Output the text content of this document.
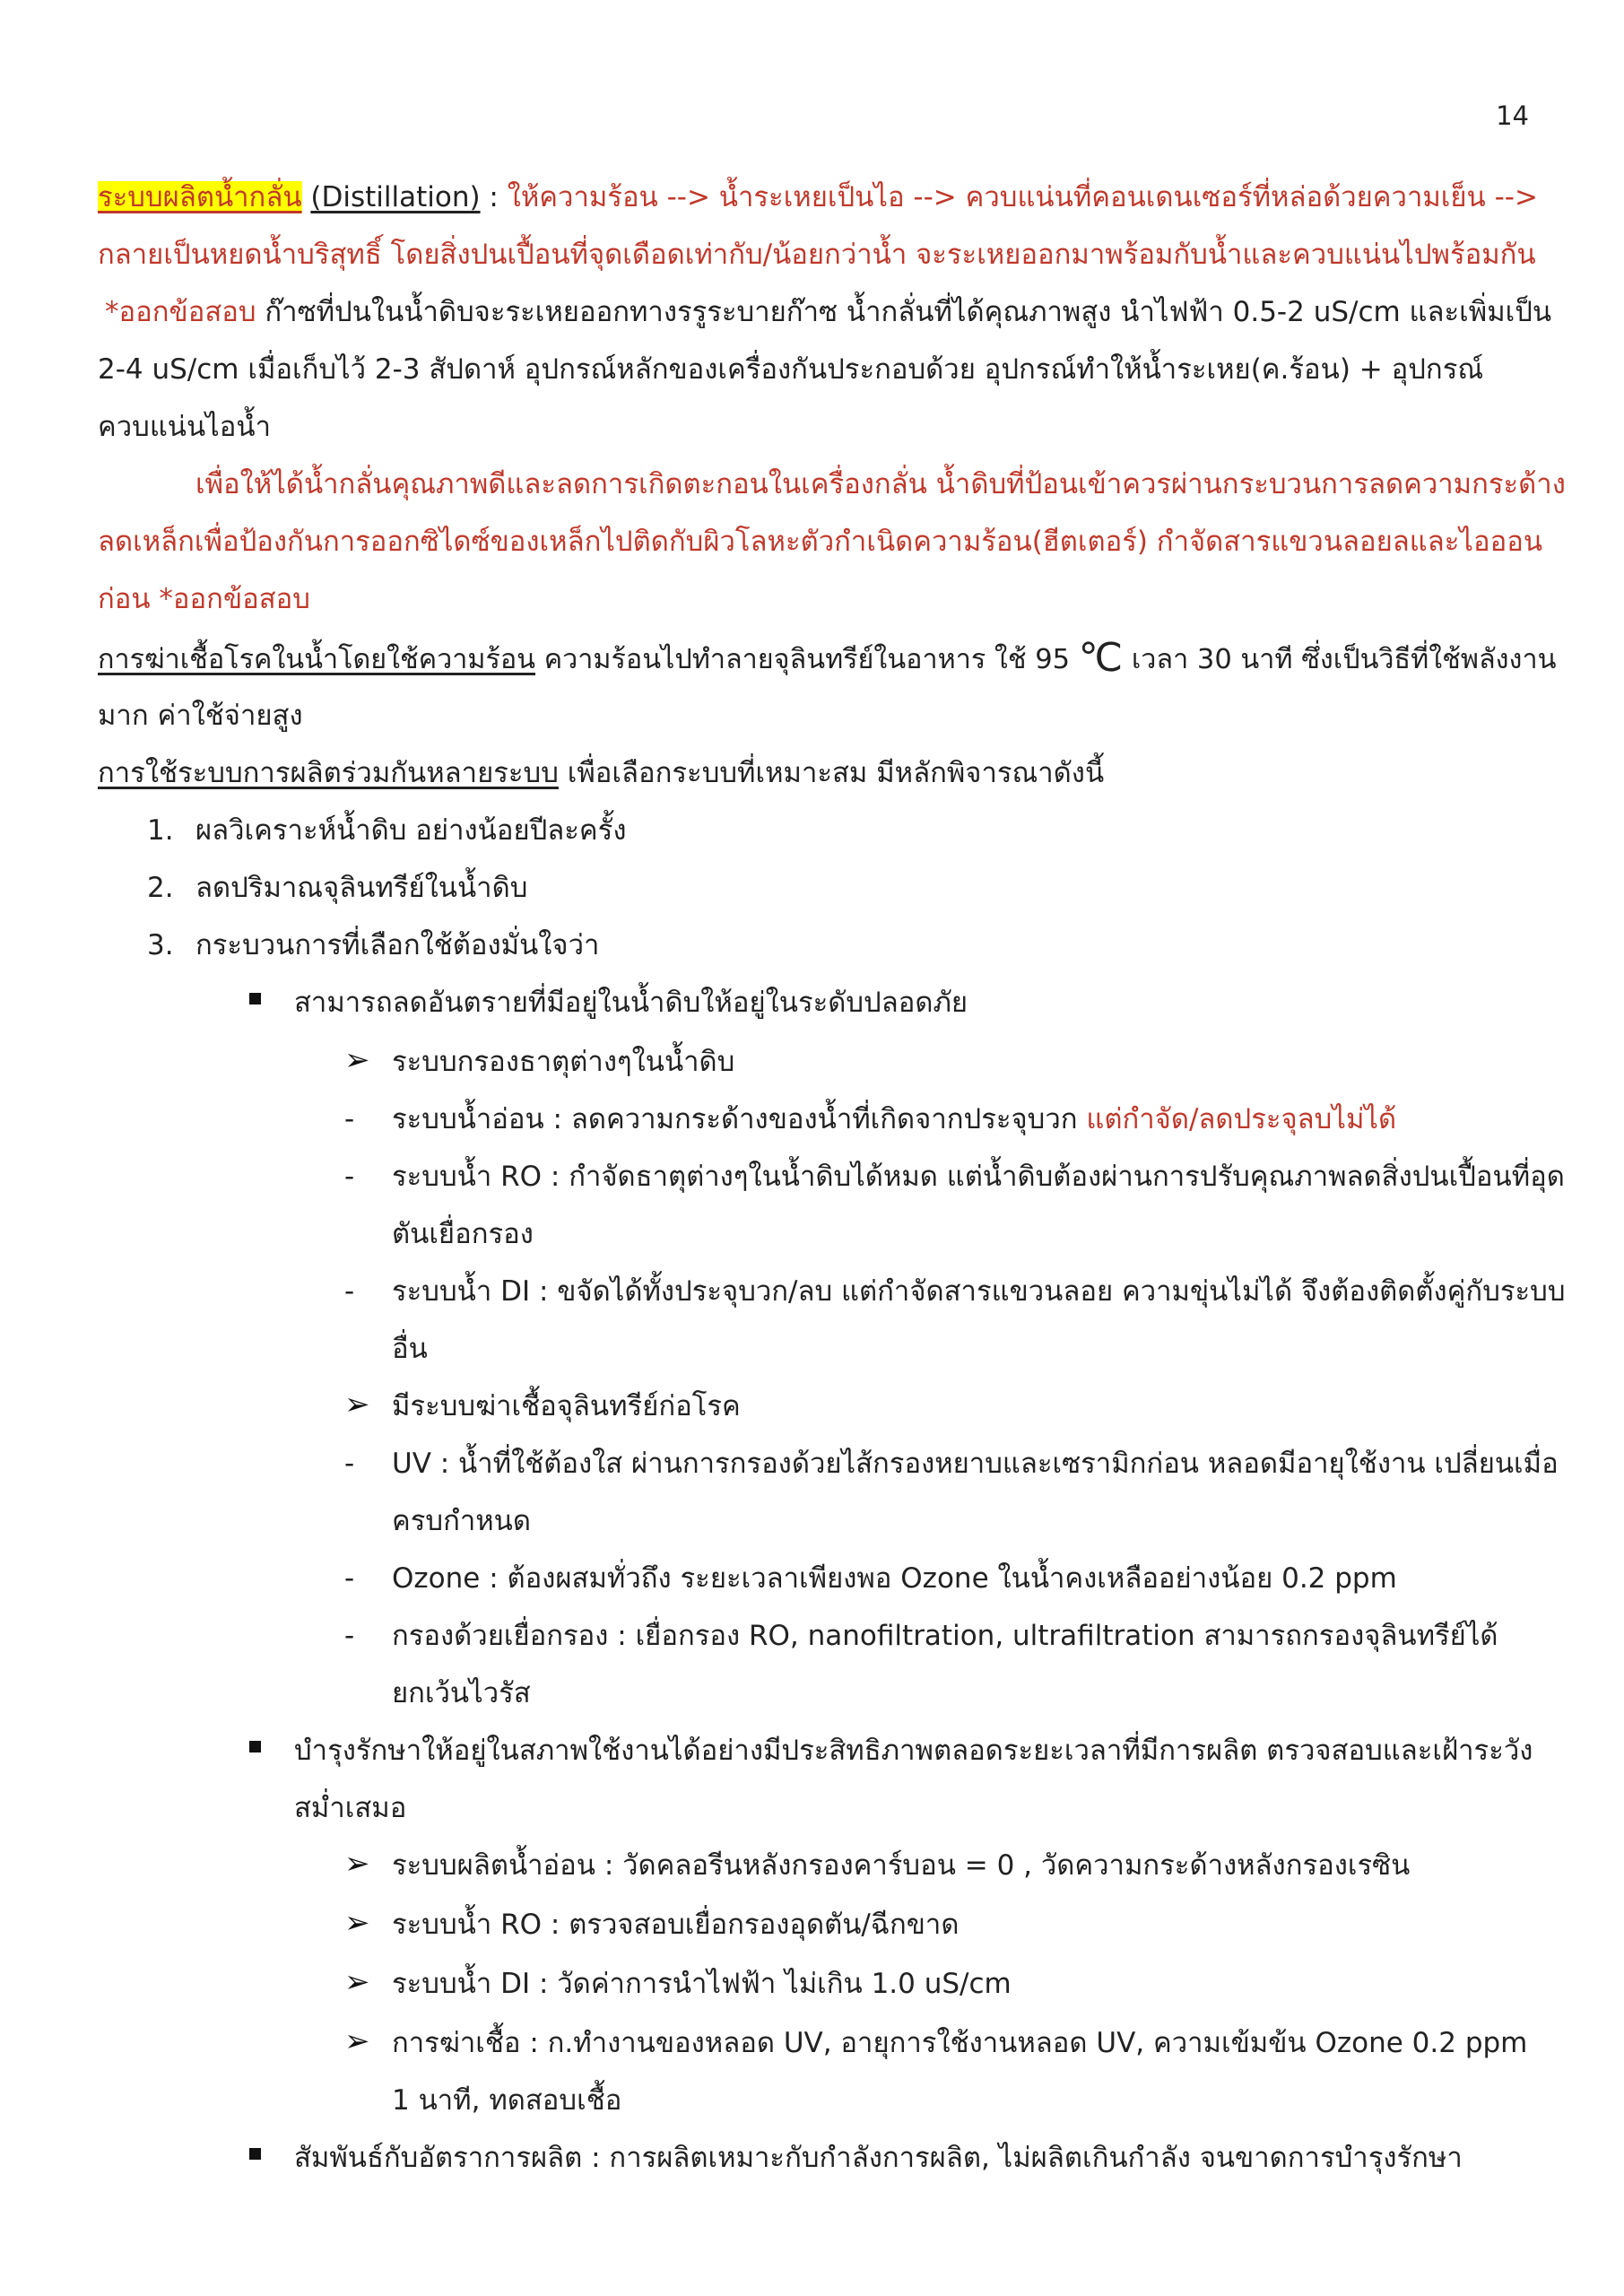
14
ระบบผลิตน้ำกลั่น (Distillation) : ให้ความร้อน --> น้ำระเหยเป็นไอ --> ควบแน่นที่คอนเดนเซอร์ที่หล่อด้วยความเย็น -->
กลายเป็นหยดน้ำบริสุทธิ์ โดยสิ่งปนเปื้อนที่จุดเดือดเท่ากับ/น้อยกว่าน้ำ จะระเหยออกมาพร้อมกับน้ำและควบแน่นไปพร้อมกัน
*ออกข้อสอบ ก๊าซที่ปนในน้ำดิบจะระเหยออกทางรรูระบายก๊าซ น้ำกลั่นที่ได้คุณภาพสูง นำไฟฟ้า 0.5-2 uS/cm และเพิ่มเป็น
2-4 uS/cm เมื่อเก็บไว้ 2-3 สัปดาห์ อุปกรณ์หลักของเครื่องกันประกอบด้วย อุปกรณ์ทำให้น้ำระเหย(ค.ร้อน) + อุปกรณ์
ควบแน่นไอน้ำ
เพื่อให้ได้น้ำกลั่นคุณภาพดีและลดการเกิดตะกอนในเครื่องกลั่น น้ำดิบที่ป้อนเข้าควรผ่านกระบวนการลดความกระด้าง
ลดเหล็กเพื่อป้องกันการออกซิไดซ์ของเหล็กไปติดกับผิวโลหะตัวกำเนิดความร้อน(ฮีตเตอร์) กำจัดสารแขวนลอยลและไอออน
ก่อน *ออกข้อสอบ
การฆ่าเชื้อโรคในน้ำโดยใช้ความร้อน ความร้อนไปทำลายจุลินทรีย์ในอาหาร ใช้ 95 ℃ เวลา 30 นาที ซึ่งเป็นวิธีที่ใช้พลังงาน
มาก ค่าใช้จ่ายสูง
การใช้ระบบการผลิตร่วมกันหลายระบบ เพื่อเลือกระบบที่เหมาะสม มีหลักพิจารณาดังนี้
1. ผลวิเคราะห์น้ำดิบ อย่างน้อยปีละครั้ง
2. ลดปริมาณจุลินทรีย์ในน้ำดิบ
3. กระบวนการที่เลือกใช้ต้องมั่นใจว่า
สามารถลดอันตรายที่มีอยู่ในน้ำดิบให้อยู่ในระดับปลอดภัย
➢ ระบบกรองธาตุต่างๆในน้ำดิบ
- ระบบน้ำอ่อน : ลดความกระด้างของน้ำที่เกิดจากประจุบวก แต่กำจัด/ลดประจุลบไม่ได้
- ระบบน้ำ RO : กำจัดธาตุต่างๆในน้ำดิบได้หมด แต่น้ำดิบต้องผ่านการปรับคุณภาพลดสิ่งปนเปื้อนที่อุด
ตันเยื่อกรอง
- ระบบน้ำ DI : ขจัดได้ทั้งประจุบวก/ลบ แต่กำจัดสารแขวนลอย ความขุ่นไม่ได้ จึงต้องติดตั้งคู่กับระบบ
อื่น
➢ มีระบบฆ่าเชื้อจุลินทรีย์ก่อโรค
- UV : น้ำที่ใช้ต้องใส ผ่านการกรองด้วยไส้กรองหยาบและเซรามิกก่อน หลอดมีอายุใช้งาน เปลี่ยนเมื่อ
ครบกำหนด
- Ozone : ต้องผสมทั่วถึง ระยะเวลาเพียงพอ Ozone ในน้ำคงเหลืออย่างน้อย 0.2 ppm
- กรองด้วยเยื่อกรอง : เยื่อกรอง RO, nanofiltration, ultrafiltration สามารถกรองจุลินทรีย์ได้
ยกเว้นไวรัส
บำรุงรักษาให้อยู่ในสภาพใช้งานได้อย่างมีประสิทธิภาพตลอดระยะเวลาที่มีการผลิต ตรวจสอบและเฝ้าระวัง
สม่ำเสมอ
➢ ระบบผลิตน้ำอ่อน : วัดคลอรีนหลังกรองคาร์บอน = 0 , วัดความกระด้างหลังกรองเรซิน
➢ ระบบน้ำ RO : ตรวจสอบเยื่อกรองอุดตัน/ฉีกขาด
➢ ระบบน้ำ DI : วัดค่าการนำไฟฟ้า ไม่เกิน 1.0 uS/cm
➢ การฆ่าเชื้อ : ก.ทำงานของหลอด UV, อายุการใช้งานหลอด UV, ความเข้มข้น Ozone 0.2 ppm
1 นาที, ทดสอบเชื้อ
สัมพันธ์กับอัตราการผลิต : การผลิตเหมาะกับกำลังการผลิต, ไม่ผลิตเกินกำลัง จนขาดการบำรุงรักษา
